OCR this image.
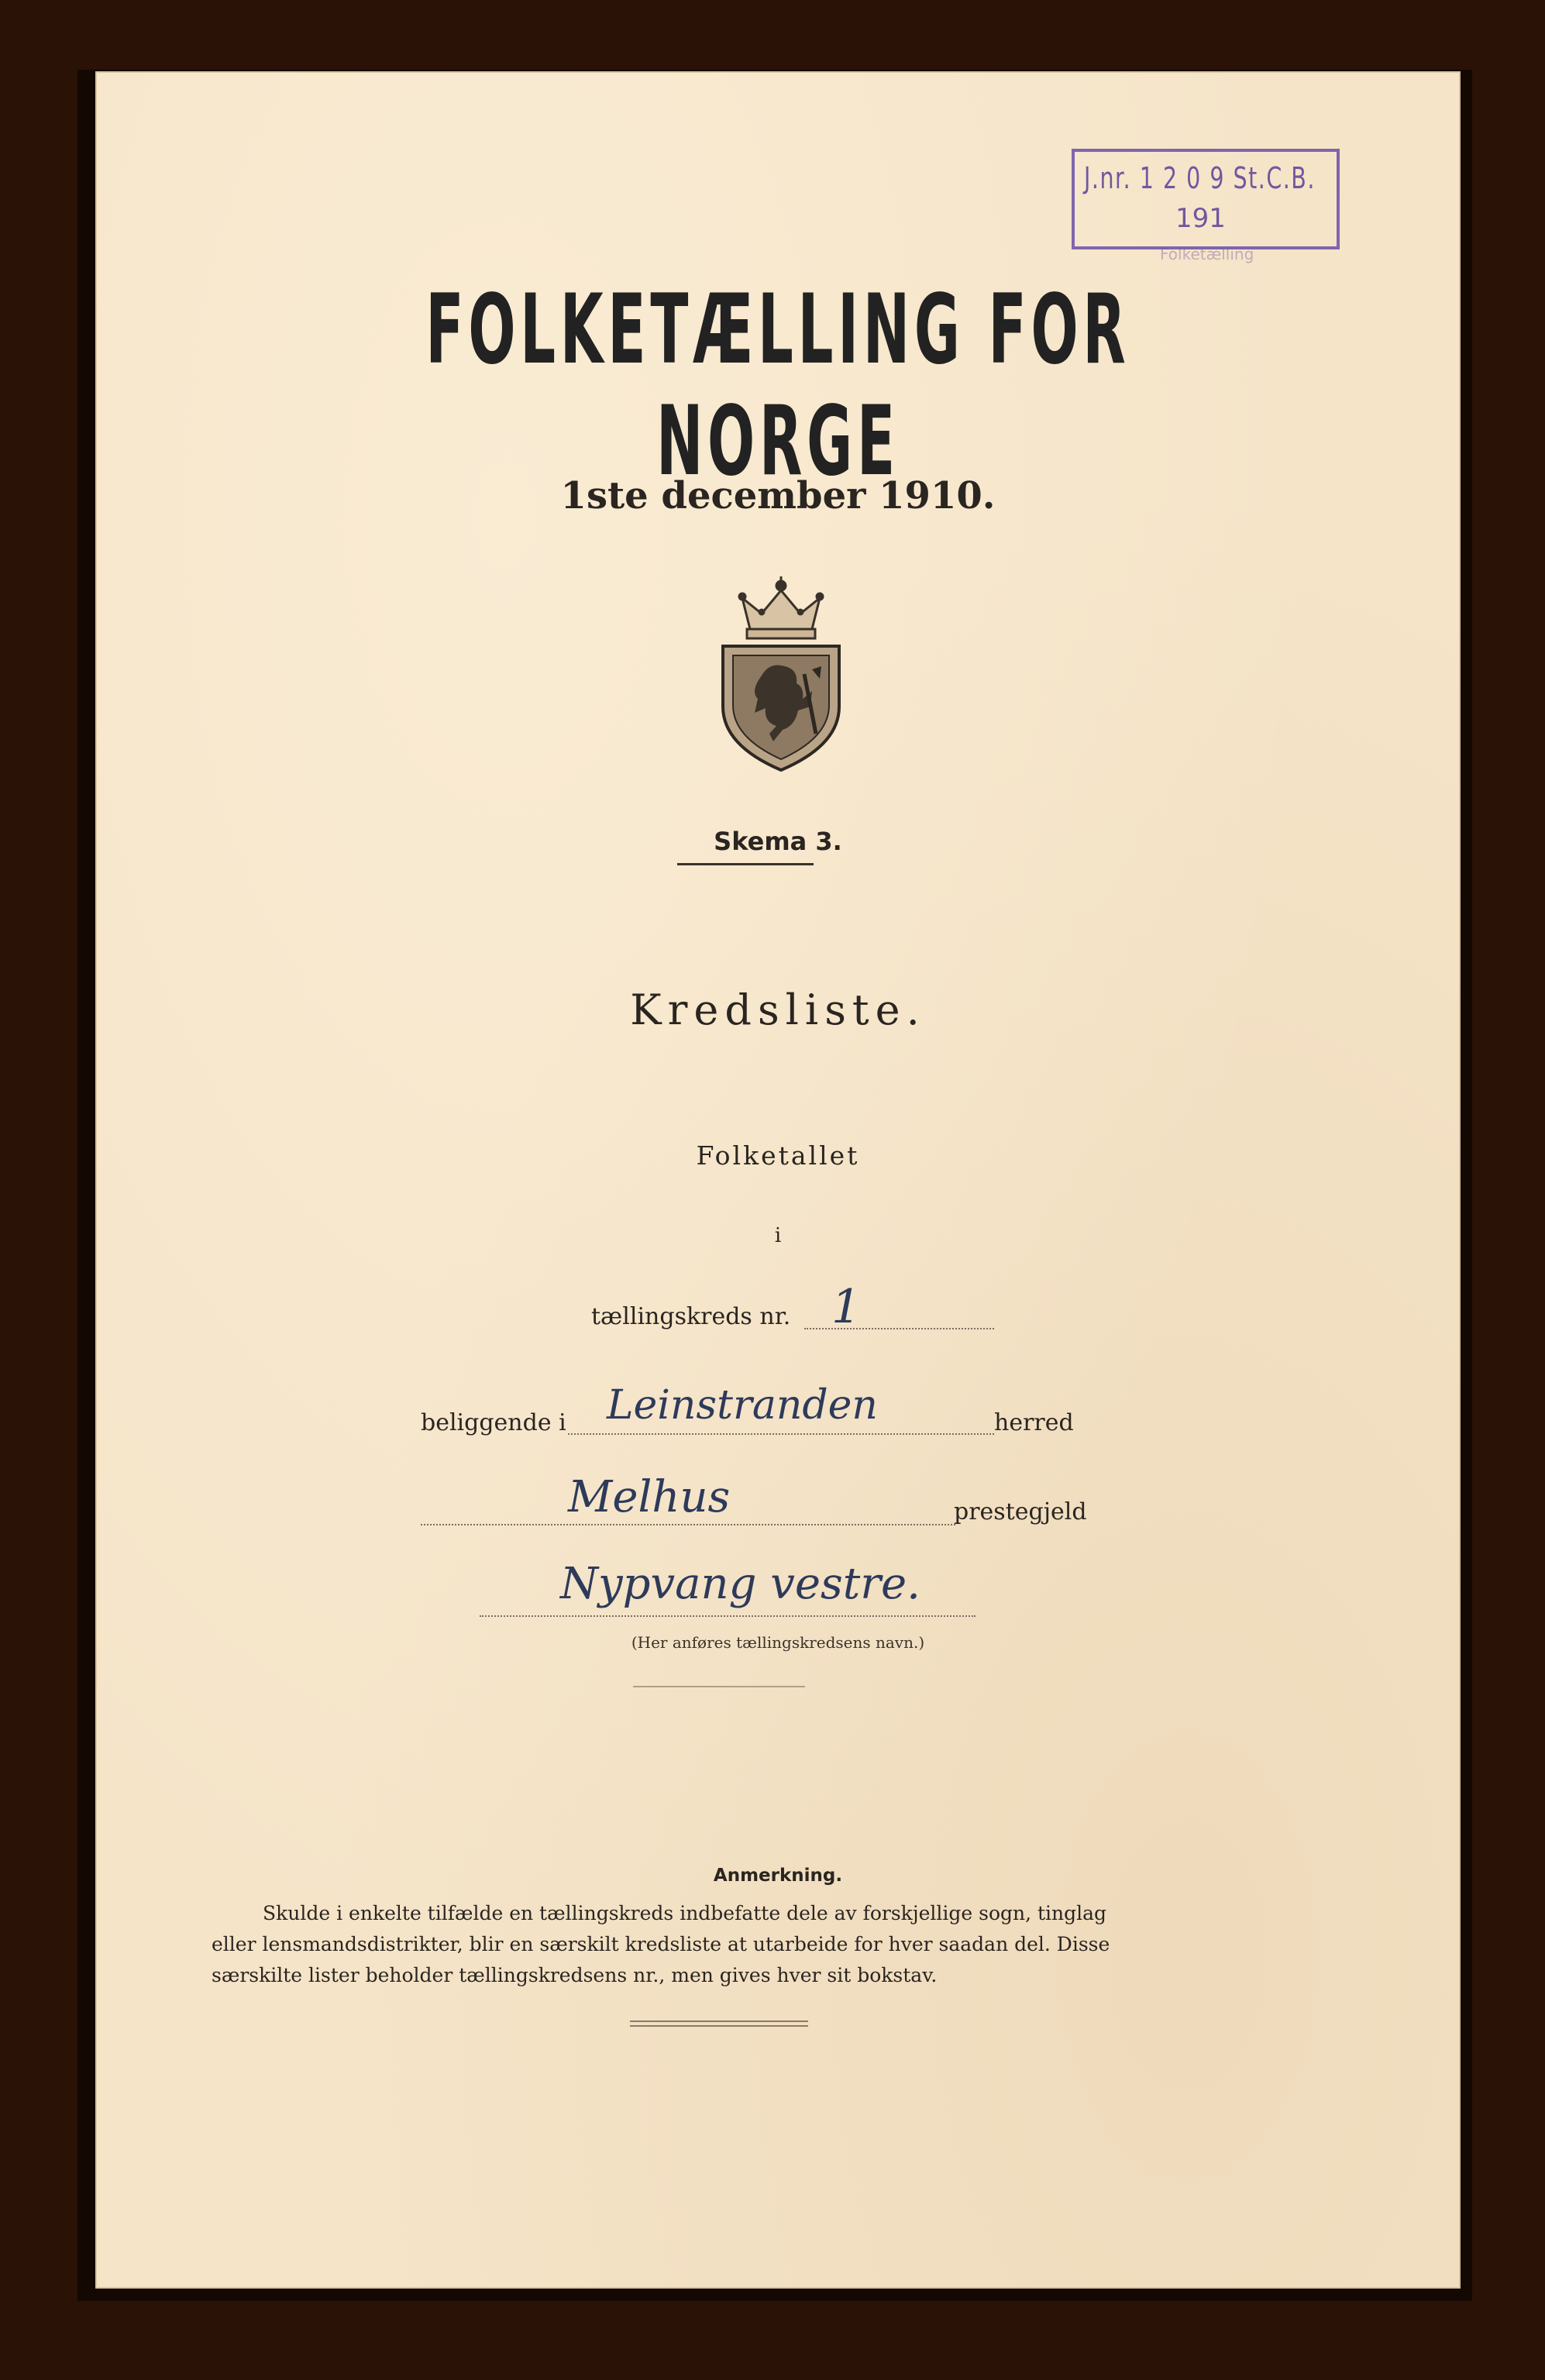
J.nr. 1 2 0 9 St.C.B.
191
Folketælling
FOLKETÆLLING FOR NORGE
1ste december 1910.
Skema 3.
Kredsliste.
Folketallet
i
tællingskreds nr. 1
beliggende i Leinstranden	herred
Melhus	prestegjeld
Nypvang vestre.
(Her anføres tællingskredsens navn.)
Anmerkning.
Skulde i enkelte tilfælde en tællingskreds indbefatte dele av forskjellige sogn, tinglag
eller lensmandsdistrikter, blir en særskilt kredsliste at utarbeide for hver saadan del. Disse
særskilte lister beholder tællingskredsens nr., men gives hver sit bokstav.
